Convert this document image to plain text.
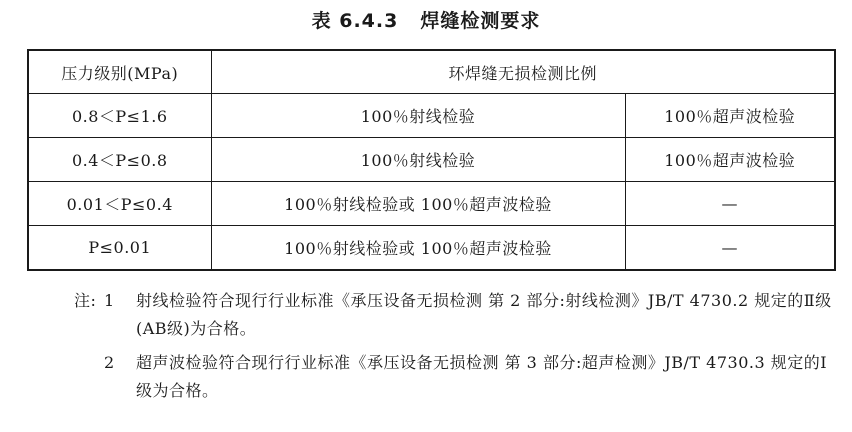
表 6.4.3 焊缝检测要求
压力级别(MPa)	环焊缝无损检测比例	
0.8＜P≤1.6	100％射线检验	100％超声波检验
0.4＜P≤0.8	100％射线检验	100％超声波检验
0.01＜P≤0.4	100％射线检验或 100％超声波检验	—
P≤0.01	100％射线检验或 100％超声波检验	—
注: 1 射线检验符合现行行业标准《承压设备无损检测 第 2 部分:射线检测》JB/T 4730.2 规定的Ⅱ级(AB级)为合格。
2 超声波检验符合现行行业标准《承压设备无损检测 第 3 部分:超声检测》JB/T 4730.3 规定的Ⅰ级为合格。
